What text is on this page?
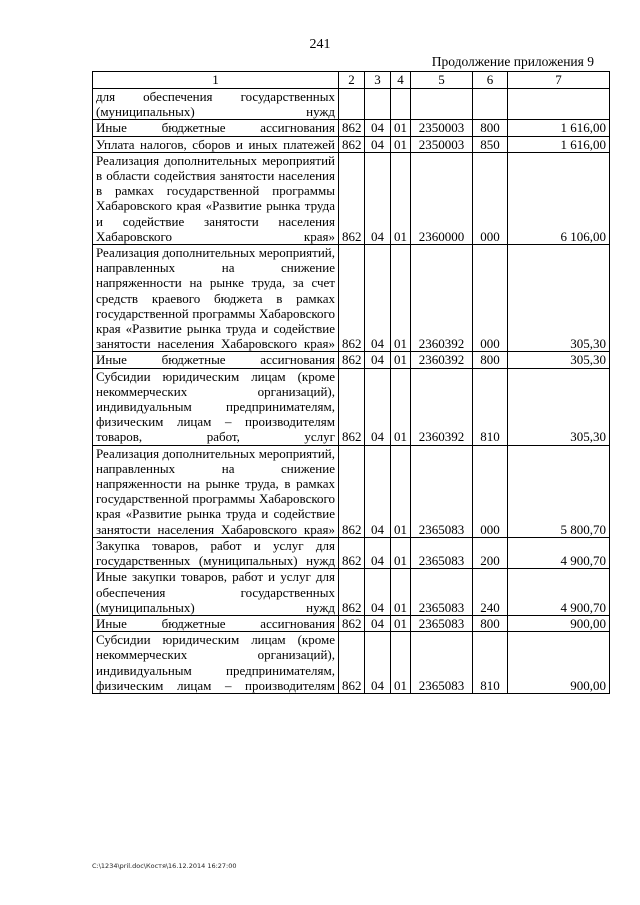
241
Продолжение приложения 9
1	2	3	4	5	6	7
для обеспечения государственных (муниципальных) нужд						
Иные бюджетные ассигнования	862	04	01	2350003	800	1 616,00
Уплата налогов, сборов и иных платежей	862	04	01	2350003	850	1 616,00
Реализация дополнительных мероприятий в области содействия занятости населения в рамках государственной программы Хабаровского края «Развитие рынка труда и содействие занятости населения Хабаровского края»	862	04	01	2360000	000	6 106,00
Реализация дополнительных мероприятий, направленных на снижение напряженности на рынке труда, за счет средств краевого бюджета в рамках государственной программы Хабаровского края «Развитие рынка труда и содействие занятости населения Хабаровского края»	862	04	01	2360392	000	305,30
Иные бюджетные ассигнования	862	04	01	2360392	800	305,30
Субсидии юридическим лицам (кроме некоммерческих организаций), индивидуальным предпринимателям, физическим лицам – производителям товаров, работ, услуг	862	04	01	2360392	810	305,30
Реализация дополнительных мероприятий, направленных на снижение напряженности на рынке труда, в рамках государственной программы Хабаровского края «Развитие рынка труда и содействие занятости населения Хабаровского края»	862	04	01	2365083	000	5 800,70
Закупка товаров, работ и услуг для государственных (муниципальных) нужд	862	04	01	2365083	200	4 900,70
Иные закупки товаров, работ и услуг для обеспечения государственных (муниципальных) нужд	862	04	01	2365083	240	4 900,70
Иные бюджетные ассигнования	862	04	01	2365083	800	900,00
Субсидии юридическим лицам (кроме некоммерческих организаций), индивидуальным предпринимателям, физическим лицам – производителям	862	04	01	2365083	810	900,00
C:\1234\pril.doc\Костя\16.12.2014 16:27:00
